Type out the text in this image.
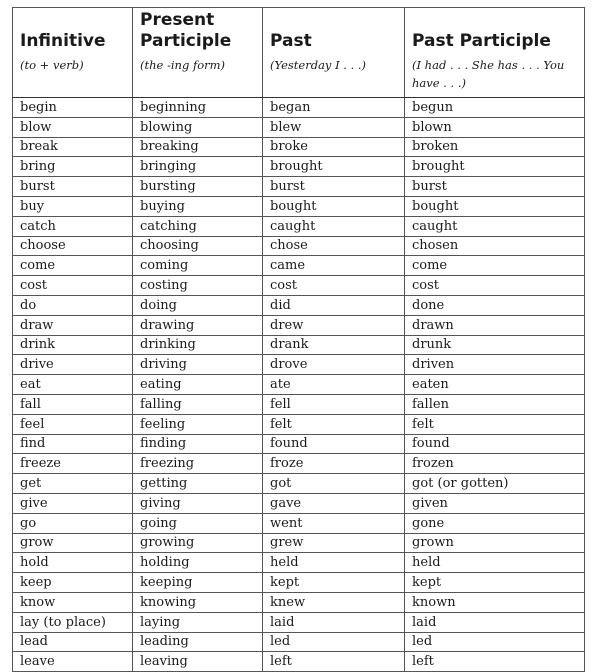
Infinitive	Present Participle	Past	Past Participle
(to + verb)	(the -ing form)	(Yesterday I . . .)	(I had . . . She has . . . You have . . .)
begin	beginning	began	begun
blow	blowing	blew	blown
break	breaking	broke	broken
bring	bringing	brought	brought
burst	bursting	burst	burst
buy	buying	bought	bought
catch	catching	caught	caught
choose	choosing	chose	chosen
come	coming	came	come
cost	costing	cost	cost
do	doing	did	done
draw	drawing	drew	drawn
drink	drinking	drank	drunk
drive	driving	drove	driven
eat	eating	ate	eaten
fall	falling	fell	fallen
feel	feeling	felt	felt
find	finding	found	found
freeze	freezing	froze	frozen
get	getting	got	got (or gotten)
give	giving	gave	given
go	going	went	gone
grow	growing	grew	grown
hold	holding	held	held
keep	keeping	kept	kept
know	knowing	knew	known
lay (to place)	laying	laid	laid
lead	leading	led	led
leave	leaving	left	left
